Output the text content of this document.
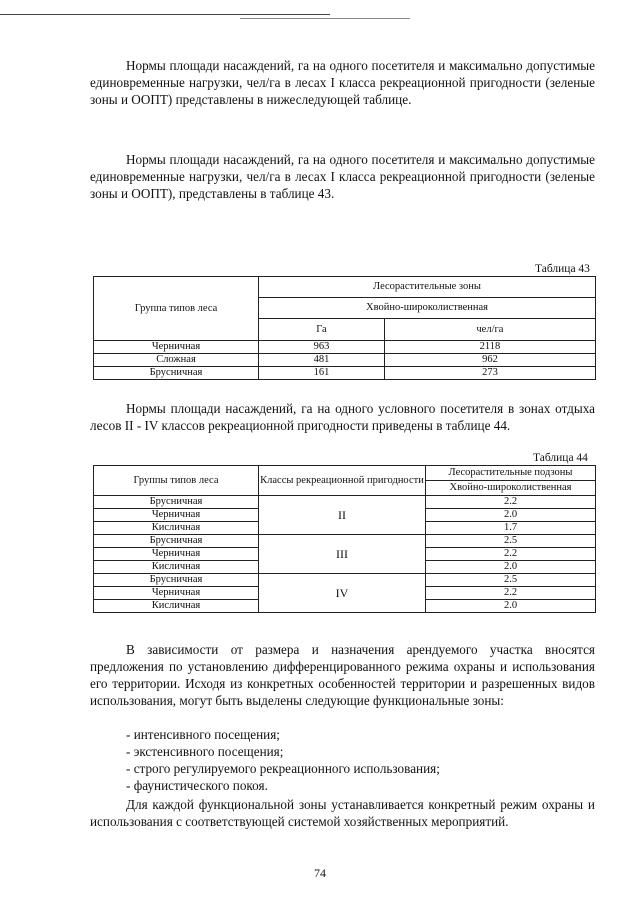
Нормы площади насаждений, га на одного посетителя и максимально допустимые единовременные нагрузки, чел/га в лесах I класса рекреационной пригодности (зеленые зоны и ООПТ) представлены в нижеследующей таблице.

Нормы площади насаждений, га на одного посетителя и максимально допустимые единовременные нагрузки, чел/га в лесах I класса рекреационной пригодности (зеленые зоны и ООПТ), представлены в таблице 43.

Таблица 43
Группа типов леса	Лесорастительные зоны	
	Хвойно-широколиственная	
	Га	чел/га
Черничная	963	2118
Сложная	481	962
Брусничная	161	273

Нормы площади насаждений, га на одного условного посетителя в зонах отдыха лесов II - IV классов рекреационной пригодности приведены в таблице 44.

Таблица 44
Группы типов леса	Классы рекреационной пригодности	Лесорастительные подзоны
		Хвойно-широколиственная
Брусничная	II	2.2
Черничная		2.0
Кисличная		1.7
Брусничная	III	2.5
Черничная		2.2
Кисличная		2.0
Брусничная	IV	2.5
Черничная		2.2
Кисличная		2.0

В зависимости от размера и назначения арендуемого участка вносятся предложения по установлению дифференцированного режима охраны и использования его территории. Исходя из конкретных особенностей территории и разрешенных видов использования, могут быть выделены следующие функциональные зоны:

- интенсивного посещения;
- экстенсивного посещения;
- строго регулируемого рекреационного использования;
- фаунистического покоя.

Для каждой функциональной зоны устанавливается конкретный режим охраны и использования с соответствующей системой хозяйственных мероприятий.

74
